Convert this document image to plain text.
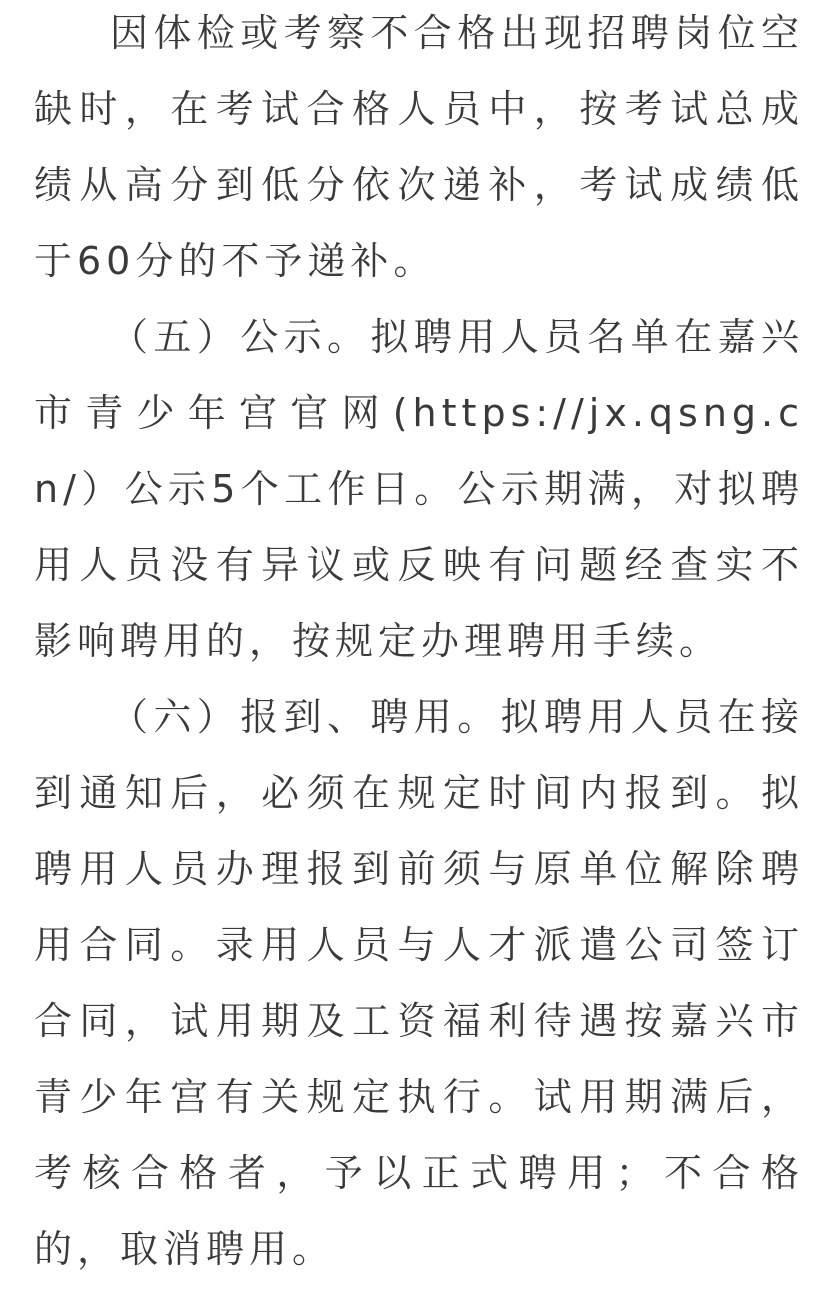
因体检或考察不合格出现招聘岗位空缺时，在考试合格人员中，按考试总成绩从高分到低分依次递补，考试成绩低于60分的不予递补。

（五）公示。拟聘用人员名单在嘉兴市青少年宫官网(https://jx.qsng.cn/）公示5个工作日。公示期满，对拟聘用人员没有异议或反映有问题经查实不影响聘用的，按规定办理聘用手续。

（六）报到、聘用。拟聘用人员在接到通知后，必须在规定时间内报到。拟聘用人员办理报到前须与原单位解除聘用合同。录用人员与人才派遣公司签订合同，试用期及工资福利待遇按嘉兴市青少年宫有关规定执行。试用期满后，考核合格者，予以正式聘用；不合格的，取消聘用。
